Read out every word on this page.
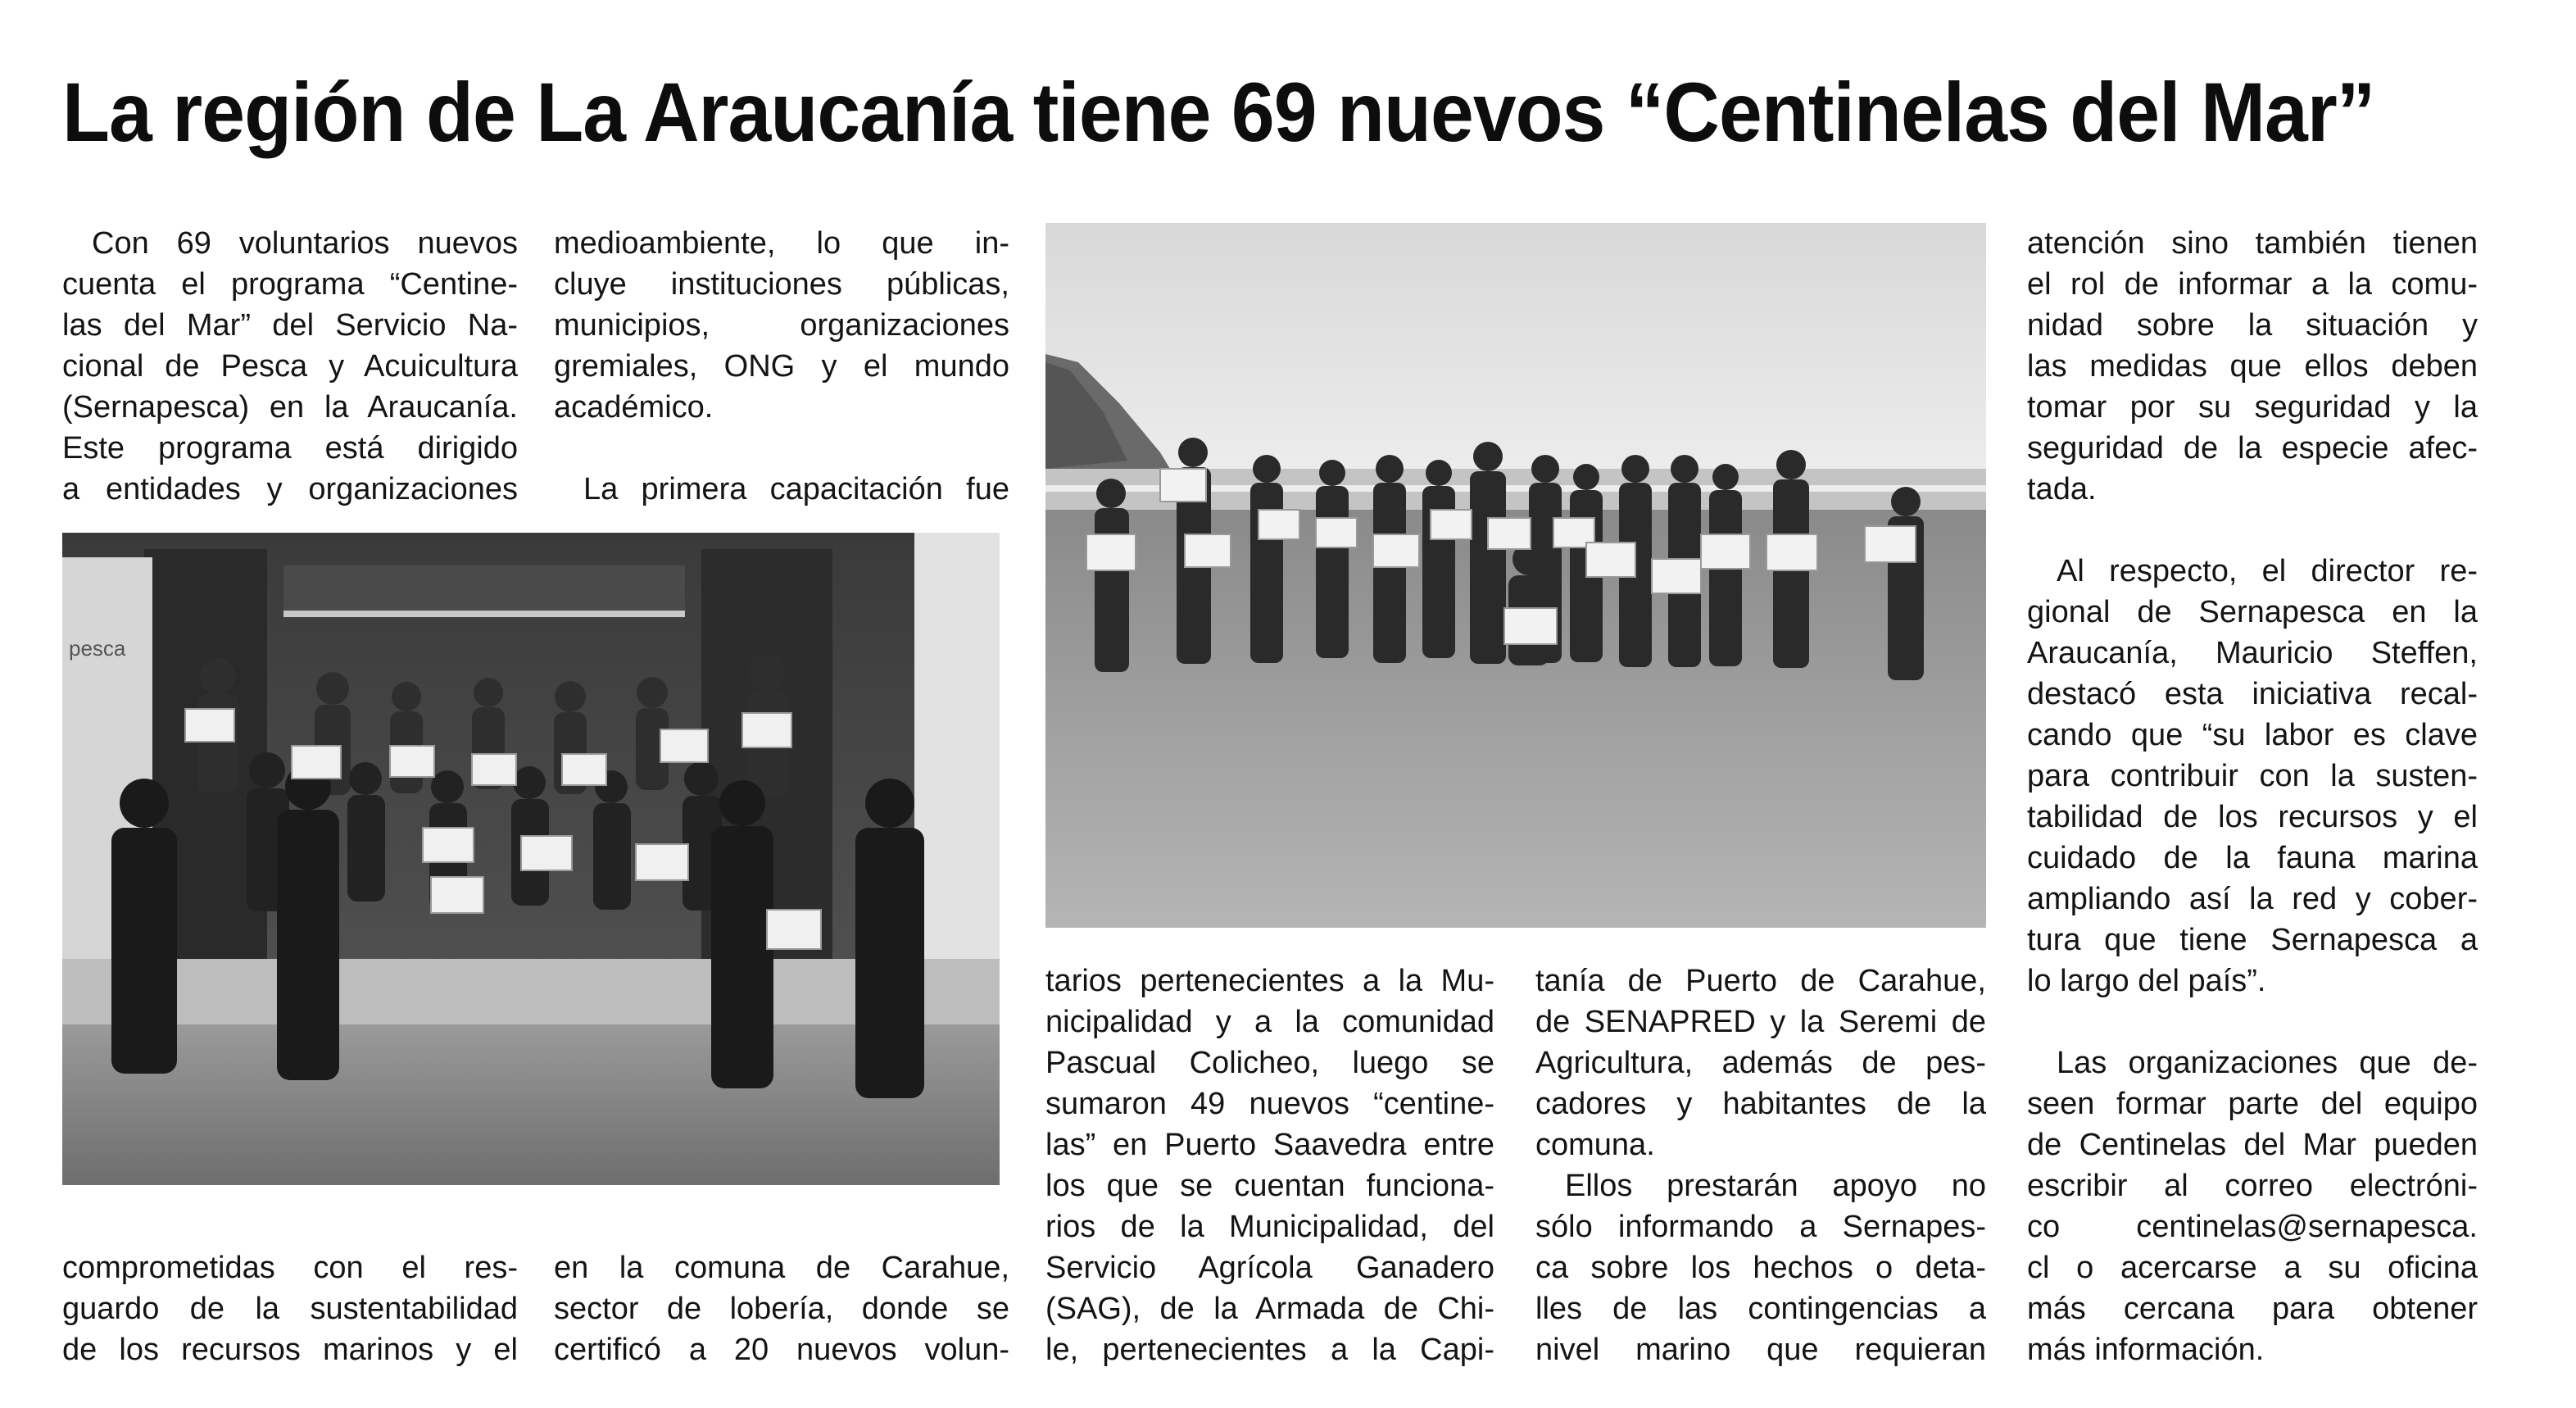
La región de La Araucanía tiene 69 nuevos “Centinelas del Mar”
Con 69 voluntarios nuevos
cuenta el programa “Centine-
las del Mar” del Servicio Na-
cional de Pesca y Acuicultura
(Sernapesca) en la Araucanía.
Este programa está dirigido
a entidades y organizaciones
medioambiente, lo que in-
cluye instituciones públicas,
municipios, organizaciones
gremiales, ONG y el mundo
académico.
La primera capacitación fue
pesca
atención sino también tienen
el rol de informar a la comu-
nidad sobre la situación y
las medidas que ellos deben
tomar por su seguridad y la
seguridad de la especie afec-
tada.
Al respecto, el director re-
gional de Sernapesca en la
Araucanía, Mauricio Steffen,
destacó esta iniciativa recal-
cando que “su labor es clave
para contribuir con la susten-
tabilidad de los recursos y el
cuidado de la fauna marina
ampliando así la red y cober-
tura que tiene Sernapesca a
lo largo del país”.
Las organizaciones que de-
seen formar parte del equipo
de Centinelas del Mar pueden
escribir al correo electróni-
co centinelas@sernapesca.
cl o acercarse a su oficina
más cercana para obtener
más información.
tarios pertenecientes a la Mu-
nicipalidad y a la comunidad
Pascual Colicheo, luego se
sumaron 49 nuevos “centine-
las” en Puerto Saavedra entre
los que se cuentan funciona-
rios de la Municipalidad, del
Servicio Agrícola Ganadero
(SAG), de la Armada de Chi-
le, pertenecientes a la Capi-
tanía de Puerto de Carahue,
de SENAPRED y la Seremi de
Agricultura, además de pes-
cadores y habitantes de la
comuna.
Ellos prestarán apoyo no
sólo informando a Sernapes-
ca sobre los hechos o deta-
lles de las contingencias a
nivel marino que requieran
comprometidas con el res-
guardo de la sustentabilidad
de los recursos marinos y el
en la comuna de Carahue,
sector de lobería, donde se
certificó a 20 nuevos volun-
